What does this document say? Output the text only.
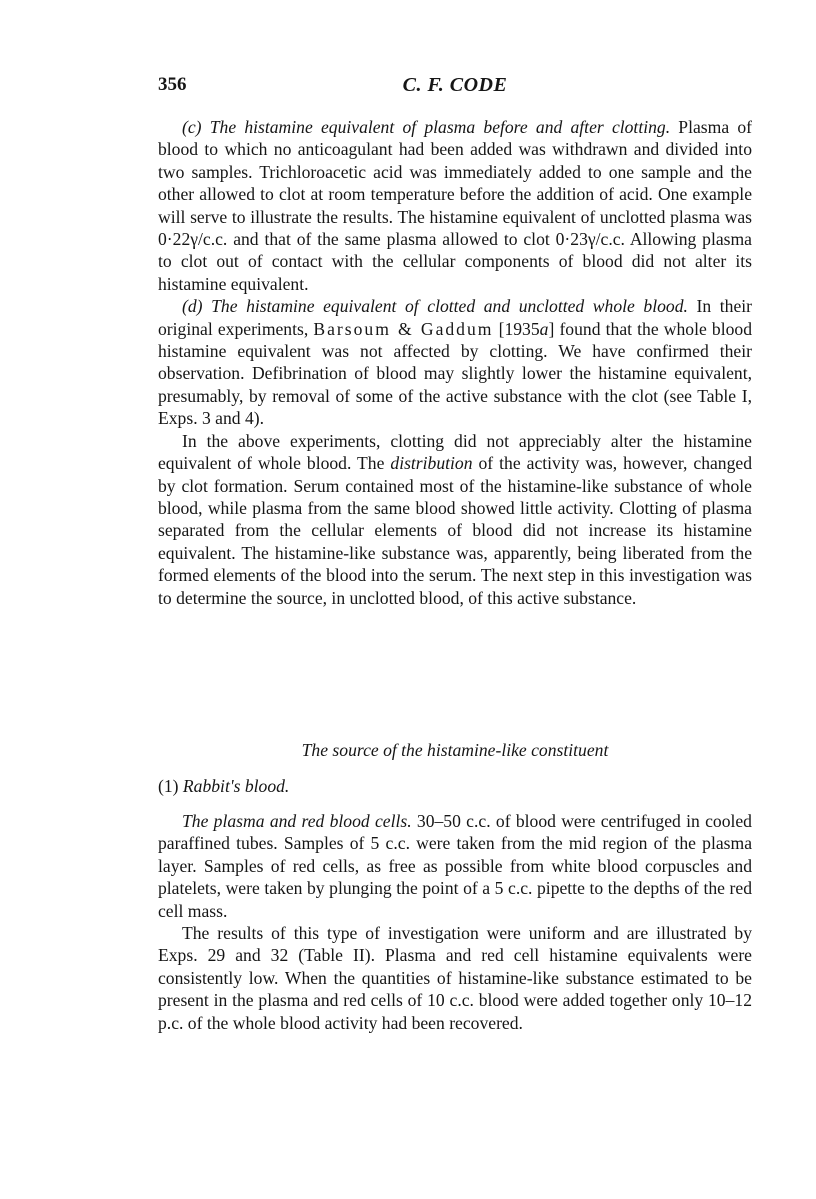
356	C. F. CODE

(c) The histamine equivalent of plasma before and after clotting. Plasma of blood to which no anticoagulant had been added was withdrawn and divided into two samples. Trichloroacetic acid was immediately added to one sample and the other allowed to clot at room temperature before the addition of acid. One example will serve to illustrate the results. The histamine equivalent of unclotted plasma was 0·22γ/c.c. and that of the same plasma allowed to clot 0·23γ/c.c. Allowing plasma to clot out of contact with the cellular components of blood did not alter its histamine equivalent.

(d) The histamine equivalent of clotted and unclotted whole blood. In their original experiments, Barsoum & Gaddum [1935a] found that the whole blood histamine equivalent was not affected by clotting. We have confirmed their observation. Defibrination of blood may slightly lower the histamine equivalent, presumably, by removal of some of the active substance with the clot (see Table I, Exps. 3 and 4).

In the above experiments, clotting did not appreciably alter the histamine equivalent of whole blood. The distribution of the activity was, however, changed by clot formation. Serum contained most of the histamine-like substance of whole blood, while plasma from the same blood showed little activity. Clotting of plasma separated from the cellular elements of blood did not increase its histamine equivalent. The histamine-like substance was, apparently, being liberated from the formed elements of the blood into the serum. The next step in this investigation was to determine the source, in unclotted blood, of this active substance.

The source of the histamine-like constituent
(1) Rabbit's blood.

The plasma and red blood cells. 30–50 c.c. of blood were centrifuged in cooled paraffined tubes. Samples of 5 c.c. were taken from the mid region of the plasma layer. Samples of red cells, as free as possible from white blood corpuscles and platelets, were taken by plunging the point of a 5 c.c. pipette to the depths of the red cell mass.

The results of this type of investigation were uniform and are illustrated by Exps. 29 and 32 (Table II). Plasma and red cell histamine equivalents were consistently low. When the quantities of histamine-like substance estimated to be present in the plasma and red cells of 10 c.c. blood were added together only 10–12 p.c. of the whole blood activity had been recovered.
